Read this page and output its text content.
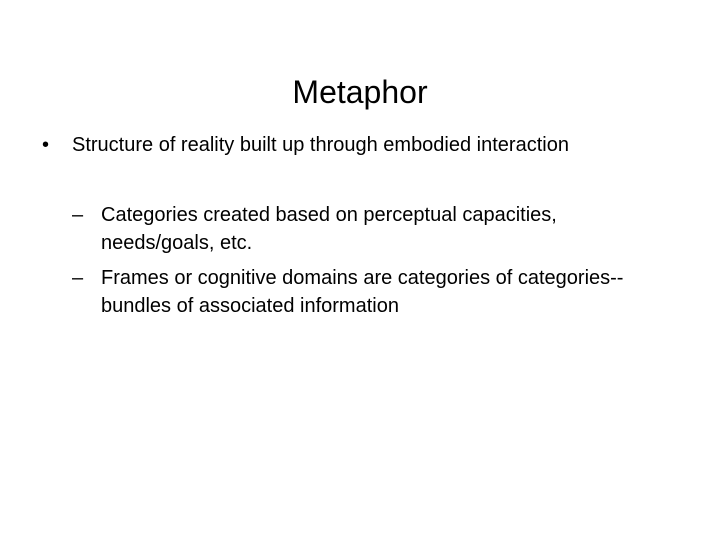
Metaphor
• Structure of reality built up through embodied interaction
– Categories created based on perceptual capacities, needs/goals, etc.
– Frames or cognitive domains are categories of categories--bundles of associated information
